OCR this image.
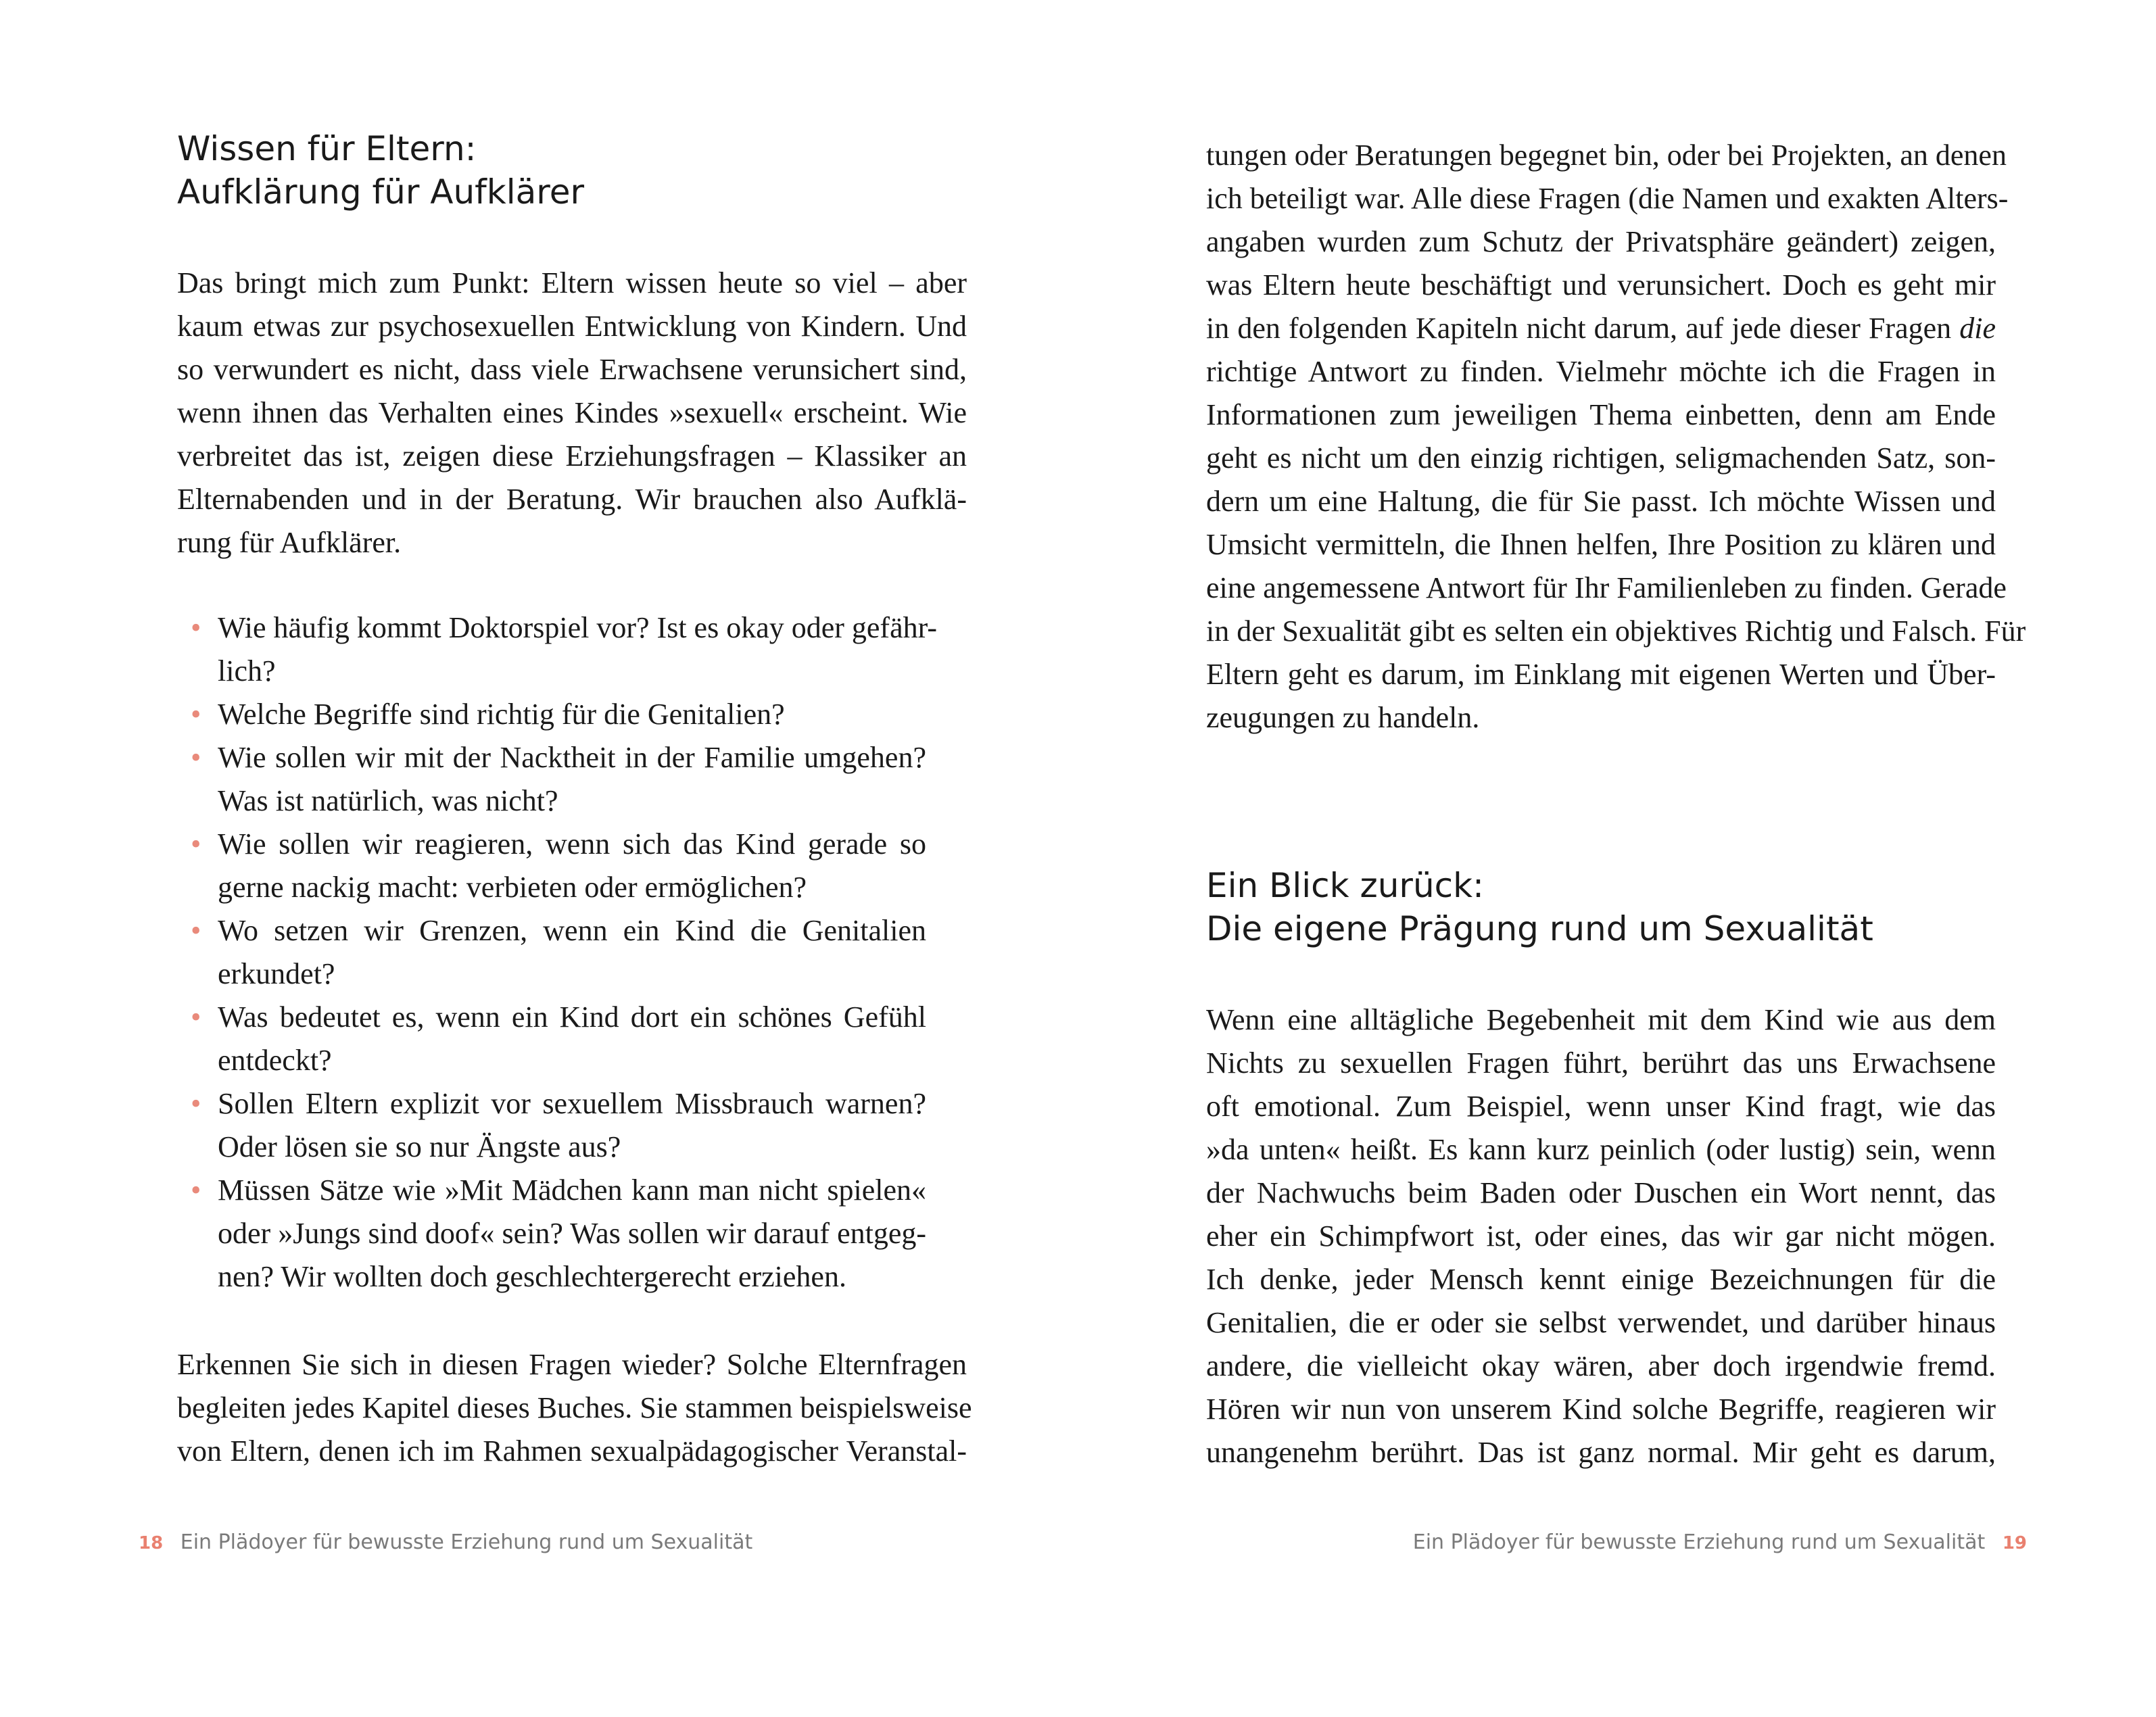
Wissen für Eltern:
Aufklärung für Aufklärer
Das bringt mich zum Punkt: Eltern wissen heute so viel – aber
kaum etwas zur psychosexuellen Entwicklung von Kindern. Und
so verwundert es nicht, dass viele Erwachsene verunsichert sind,
wenn ihnen das Verhalten eines Kindes »sexuell« erscheint. Wie
verbreitet das ist, zeigen diese Erziehungsfragen – Klassiker an
Elternabenden und in der Beratung. Wir brauchen also Aufklä-
rung für Aufklärer.
• Wie häufig kommt Doktorspiel vor? Ist es okay oder gefähr-
lich?
• Welche Begriffe sind richtig für die Genitalien?
• Wie sollen wir mit der Nacktheit in der Familie umgehen?
Was ist natürlich, was nicht?
• Wie sollen wir reagieren, wenn sich das Kind gerade so
gerne nackig macht: verbieten oder ermöglichen?
• Wo setzen wir Grenzen, wenn ein Kind die Genitalien
erkundet?
• Was bedeutet es, wenn ein Kind dort ein schönes Gefühl
entdeckt?
• Sollen Eltern explizit vor sexuellem Missbrauch warnen?
Oder lösen sie so nur Ängste aus?
• Müssen Sätze wie »Mit Mädchen kann man nicht spielen«
oder »Jungs sind doof« sein? Was sollen wir darauf entgeg-
nen? Wir wollten doch geschlechtergerecht erziehen.
Erkennen Sie sich in diesen Fragen wieder? Solche Elternfragen
begleiten jedes Kapitel dieses Buches. Sie stammen beispielsweise
von Eltern, denen ich im Rahmen sexualpädagogischer Veranstal-
18 Ein Plädoyer für bewusste Erziehung rund um Sexualität
tungen oder Beratungen begegnet bin, oder bei Projekten, an denen
ich beteiligt war. Alle diese Fragen (die Namen und exakten Alters-
angaben wurden zum Schutz der Privatsphäre geändert) zeigen,
was Eltern heute beschäftigt und verunsichert. Doch es geht mir
in den folgenden Kapiteln nicht darum, auf jede dieser Fragen die
richtige Antwort zu finden. Vielmehr möchte ich die Fragen in
Informationen zum jeweiligen Thema einbetten, denn am Ende
geht es nicht um den einzig richtigen, seligmachenden Satz, son-
dern um eine Haltung, die für Sie passt. Ich möchte Wissen und
Umsicht vermitteln, die Ihnen helfen, Ihre Position zu klären und
eine angemessene Antwort für Ihr Familienleben zu finden. Gerade
in der Sexualität gibt es selten ein objektives Richtig und Falsch. Für
Eltern geht es darum, im Einklang mit eigenen Werten und Über-
zeugungen zu handeln.
Ein Blick zurück:
Die eigene Prägung rund um Sexualität
Wenn eine alltägliche Begebenheit mit dem Kind wie aus dem
Nichts zu sexuellen Fragen führt, berührt das uns Erwachsene
oft emotional. Zum Beispiel, wenn unser Kind fragt, wie das
»da unten« heißt. Es kann kurz peinlich (oder lustig) sein, wenn
der Nachwuchs beim Baden oder Duschen ein Wort nennt, das
eher ein Schimpfwort ist, oder eines, das wir gar nicht mögen.
Ich denke, jeder Mensch kennt einige Bezeichnungen für die
Genitalien, die er oder sie selbst verwendet, und darüber hinaus
andere, die vielleicht okay wären, aber doch irgendwie fremd.
Hören wir nun von unserem Kind solche Begriffe, reagieren wir
unangenehm berührt. Das ist ganz normal. Mir geht es darum,
Ein Plädoyer für bewusste Erziehung rund um Sexualität 19
